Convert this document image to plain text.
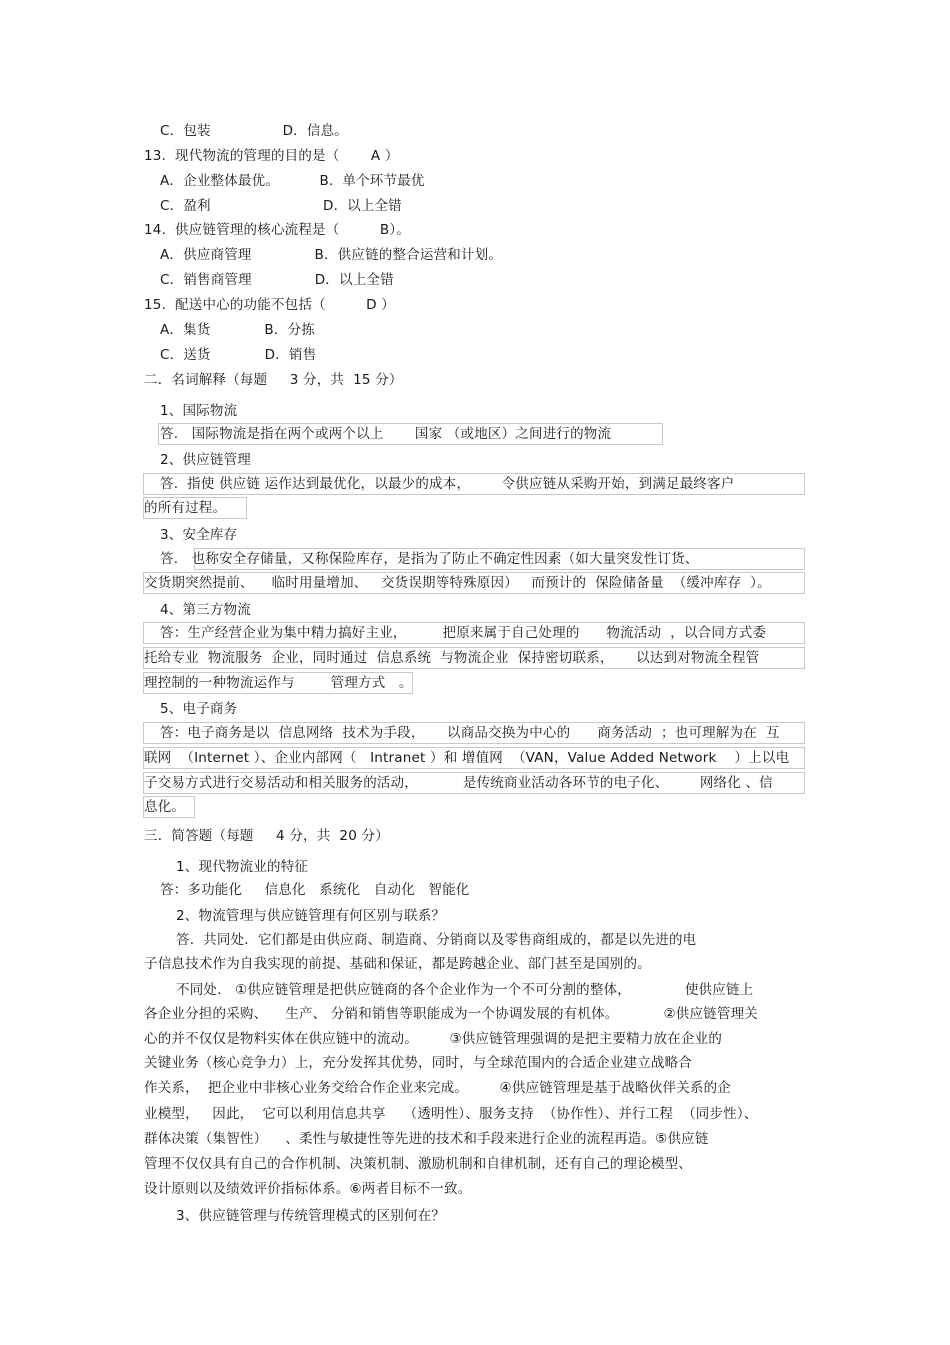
C．包装                D．信息。
13.  现代物流的管理的目的是（       A ）
A．企业整体最优。         B.  单个环节最优
C．盈利                         D.  以上全错
14.  供应链管理的核心流程是（         B）。
A．供应商管理              B．供应链的整合运营和计划。
C．销售商管理              D．以上全错
15.  配送中心的功能不包括（         D ）
A．集货            B．分拣
C．送货            D．销售
二．名词解释（每题     3 分，共  15 分）
1、国际物流
答.   国际物流是指在两个或两个以上       国家 （或地区）之间进行的物流
2、供应链管理
答.  指使 供应链 运作达到最优化，以最少的成本，       令供应链从采购开始，到满足最终客户
的所有过程。
3、安全库存
答.   也称安全存储量，又称保险库存，是指为了防止不确定性因素（如大量突发性订货、
交货期突然提前、    临时用量增加、   交货误期等特殊原因）   而预计的  保险储备量  （缓冲库存  ）。
4、第三方物流
答：生产经营企业为集中精力搞好主业，        把原来属于自己处理的      物流活动  ，以合同方式委
托给专业  物流服务  企业，同时通过  信息系统  与物流企业  保持密切联系，     以达到对物流全程管
理控制的一种物流运作与        管理方式   。
5、电子商务
答：电子商务是以  信息网络  技术为手段，     以商品交换为中心的      商务活动  ；也可理解为在  互
联网  （Internet ）、企业内部网（   Intranet ）和 增值网  （VAN，Value Added Network    ）上以电
子交易方式进行交易活动和相关服务的活动，          是传统商业活动各环节的电子化、       网络化 、信
息化。
三．简答题（每题     4 分，共  20 分）
1、现代物流业的特征
答：多功能化     信息化   系统化   自动化   智能化
2、物流管理与供应链管理有何区别与联系？
答.  共同处．它们都是由供应商、制造商、分销商以及零售商组成的，都是以先进的电
子信息技术作为自我实现的前提、基础和保证，都是跨越企业、部门甚至是国别的。
不同处.   ①供应链管理是把供应链商的各个企业作为一个不可分割的整体，            使供应链上
各企业分担的采购、    生产、 分销和销售等职能成为一个协调发展的有机体。          ②供应链管理关
心的并不仅仅是物料实体在供应链中的流动。       ③供应链管理强调的是把主要精力放在企业的
关键业务（核心竞争力）上，充分发挥其优势，同时，与全球范围内的合适企业建立战略合
作关系，  把企业中非核心业务交给合作企业来完成。       ④供应链管理是基于战略伙伴关系的企
业模型，   因此，  它可以利用信息共享    （透明性）、服务支持  （协作性）、并行工程  （同步性）、
群体决策（集智性）    、柔性与敏捷性等先进的技术和手段来进行企业的流程再造。⑤供应链
管理不仅仅具有自己的合作机制、决策机制、激励机制和自律机制，还有自己的理论模型、
设计原则以及绩效评价指标体系。⑥两者目标不一致。
3、供应链管理与传统管理模式的区别何在？
